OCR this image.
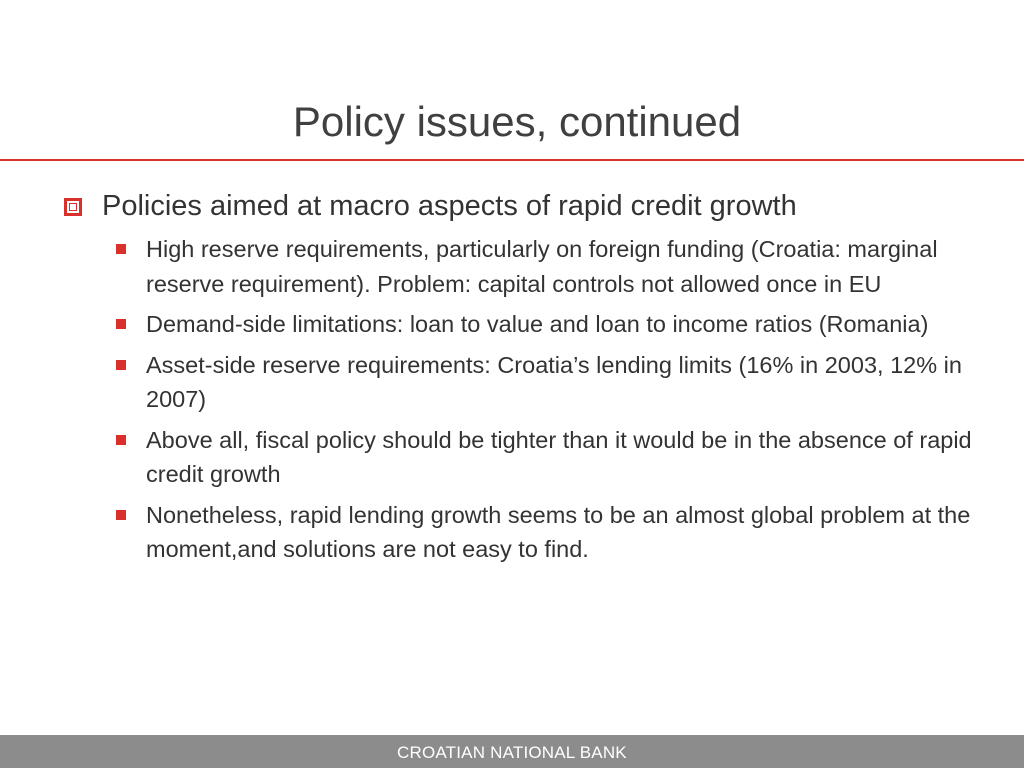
Policy issues, continued
Policies aimed at macro aspects of rapid credit growth
High reserve requirements, particularly on foreign funding (Croatia: marginal reserve requirement). Problem: capital controls not allowed once in EU
Demand-side limitations: loan to value and loan to income ratios (Romania)
Asset-side reserve requirements: Croatia’s lending limits (16% in 2003, 12% in 2007)
Above all, fiscal policy should be tighter than it would be in the absence of rapid credit growth
Nonetheless, rapid lending growth seems to be an almost global problem at the moment,and solutions are not easy to find.
CROATIAN NATIONAL BANK
